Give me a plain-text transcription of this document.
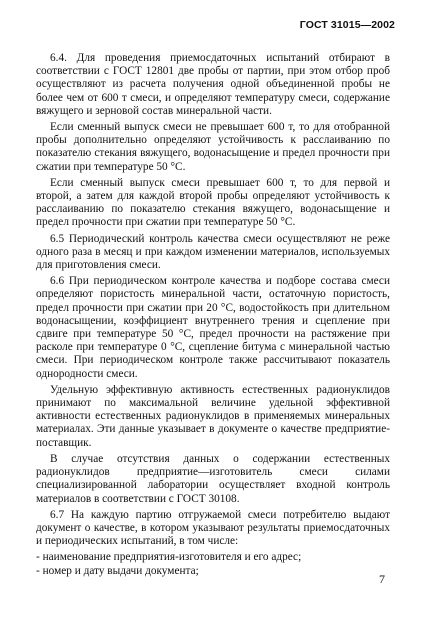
ГОСТ 31015—2002

6.4. Для проведения приемосдаточных испытаний отбирают в соответствии с ГОСТ 12801 две пробы от партии, при этом отбор проб осуществляют из расчета получения одной объединенной пробы не более чем от 600 т смеси, и определяют температуру смеси, содержание вяжущего и зерновой состав минеральной части.

Если сменный выпуск смеси не превышает 600 т, то для отобранной пробы дополнительно определяют устойчивость к расслаиванию по показателю стекания вяжущего, водонасыщение и предел прочности при сжатии при температуре 50 °С.

Если сменный выпуск смеси превышает 600 т, то для первой и второй, а затем для каждой второй пробы определяют устойчивость к расслаиванию по показателю стекания вяжущего, водонасыщение и предел прочности при сжатии при температуре 50 °С.

6.5 Периодический контроль качества смеси осуществляют не реже одного раза в месяц и при каждом изменении материалов, используемых для приготовления смеси.

6.6 При периодическом контроле качества и подборе состава смеси определяют пористость минеральной части, остаточную пористость, предел прочности при сжатии при 20 °С, водостойкость при длительном водонасыщении, коэффициент внутреннего трения и сцепление при сдвиге при температуре 50 °С, предел прочности на растяжение при расколе при температуре 0 °С, сцепление битума с минеральной частью смеси. При периодическом контроле также рассчитывают показатель однородности смеси.

Удельную эффективную активность естественных радионуклидов принимают по максимальной величине удельной эффективной активности естественных радионуклидов в применяемых минеральных материалах. Эти данные указывает в документе о качестве предприятие-поставщик.

В случае отсутствия данных о содержании естественных радионуклидов предприятие—изготовитель смеси силами специализированной лаборатории осуществляет входной контроль материалов в соответствии с ГОСТ 30108.

6.7 На каждую партию отгружаемой смеси потребителю выдают документ о качестве, в котором указывают результаты приемосдаточных и периодических испытаний, в том числе:

- наименование предприятия-изготовителя и его адрес;

- номер и дату выдачи документа;

7
